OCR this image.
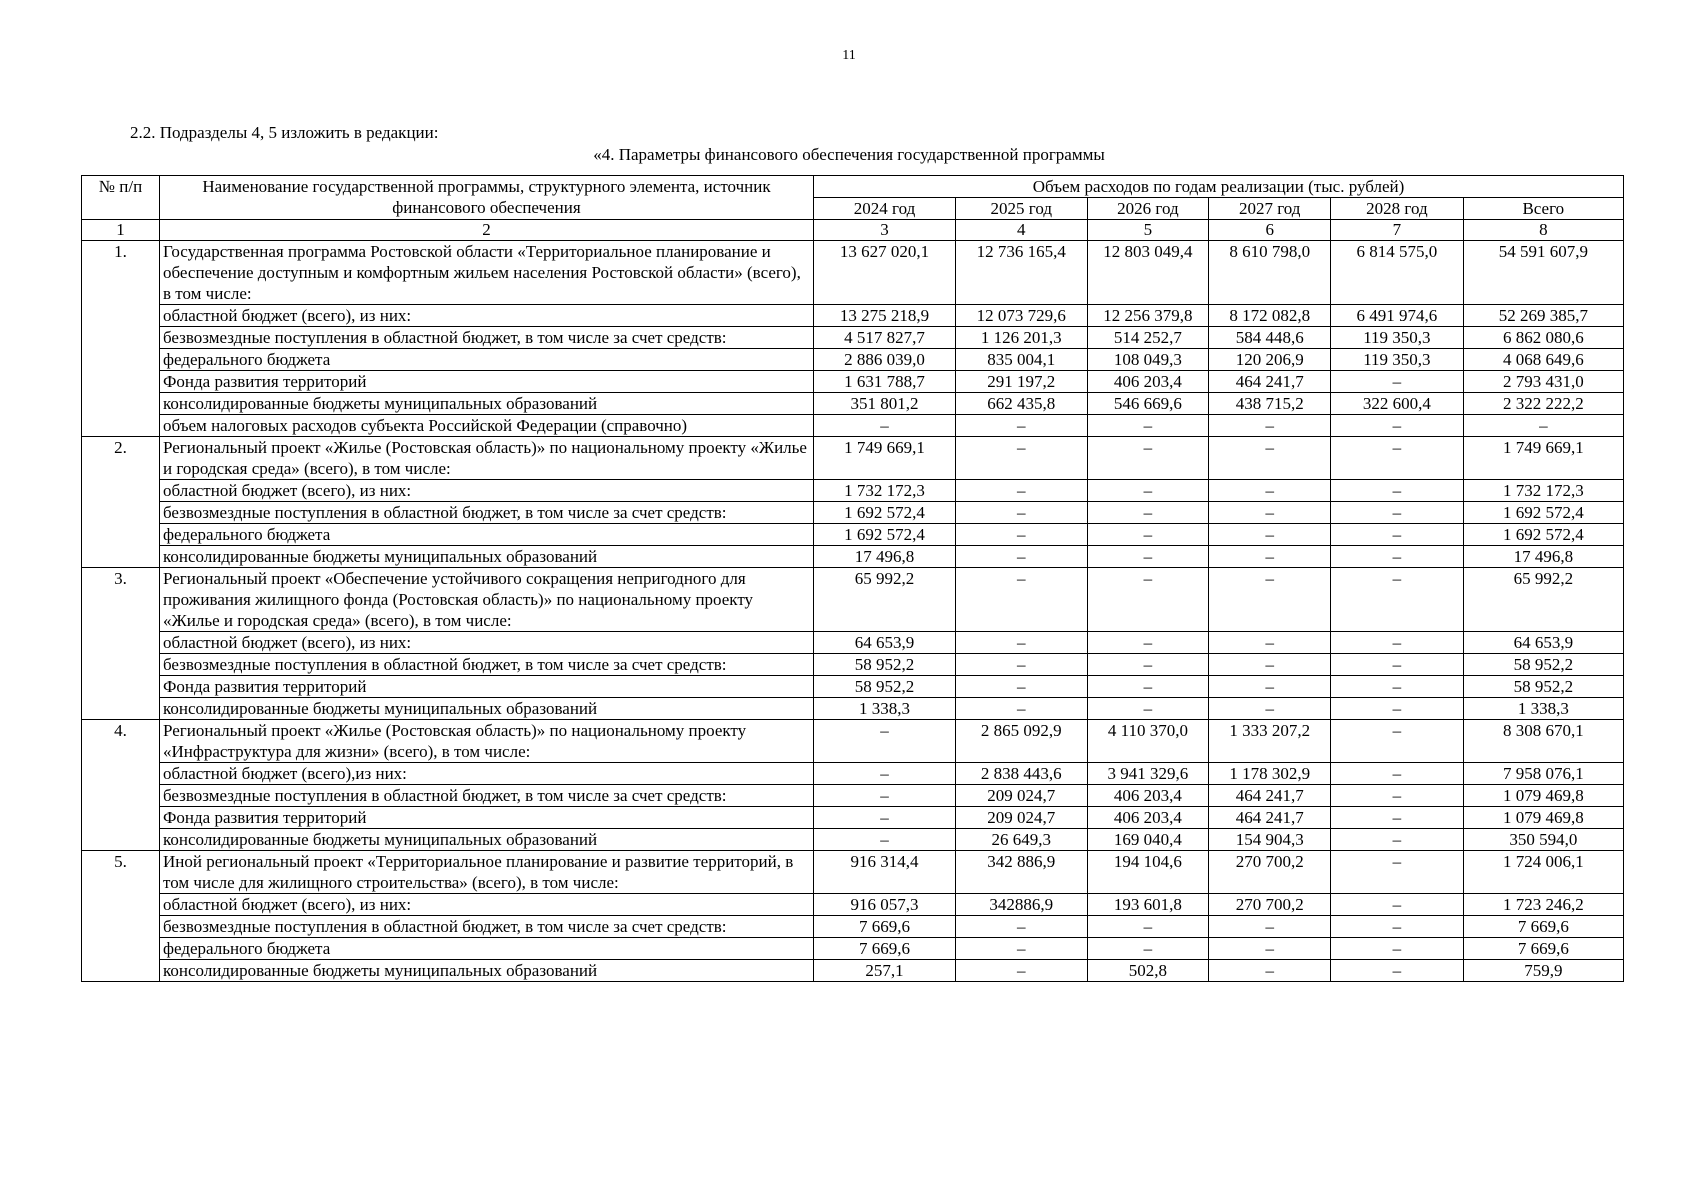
11
2.2. Подразделы 4, 5 изложить в редакции:
«4. Параметры финансового обеспечения государственной программы
№ п/п	Наименование государственной программы, структурного элемента, источник финансового обеспечения	Объем расходов по годам реализации (тыс. рублей)					
		2024 год	2025 год	2026 год	2027 год	2028 год	Всего
1	2	3	4	5	6	7	8
1.	Государственная программа Ростовской области «Территориальное планирование и обеспечение доступным и комфортным жильем населения Ростовской области» (всего), в том числе:	13 627 020,1	12 736 165,4	12 803 049,4	8 610 798,0	6 814 575,0	54 591 607,9
	областной бюджет (всего), из них:	13 275 218,9	12 073 729,6	12 256 379,8	8 172 082,8	6 491 974,6	52 269 385,7
	безвозмездные поступления в областной бюджет, в том числе за счет средств:	4 517 827,7	1 126 201,3	514 252,7	584 448,6	119 350,3	6 862 080,6
	федерального бюджета	2 886 039,0	835 004,1	108 049,3	120 206,9	119 350,3	4 068 649,6
	Фонда развития территорий	1 631 788,7	291 197,2	406 203,4	464 241,7	–	2 793 431,0
	консолидированные бюджеты муниципальных образований	351 801,2	662 435,8	546 669,6	438 715,2	322 600,4	2 322 222,2
	объем налоговых расходов субъекта Российской Федерации (справочно)	–	–	–	–	–	–
2.	Региональный проект «Жилье (Ростовская область)» по национальному проекту «Жилье и городская среда» (всего), в том числе:	1 749 669,1	–	–	–	–	1 749 669,1
	областной бюджет (всего), из них:	1 732 172,3	–	–	–	–	1 732 172,3
	безвозмездные поступления в областной бюджет, в том числе за счет средств:	1 692 572,4	–	–	–	–	1 692 572,4
	федерального бюджета	1 692 572,4	–	–	–	–	1 692 572,4
	консолидированные бюджеты муниципальных образований	17 496,8	–	–	–	–	17 496,8
3.	Региональный проект «Обеспечение устойчивого сокращения непригодного для проживания жилищного фонда (Ростовская область)» по национальному проекту «Жилье и городская среда» (всего), в том числе:	65 992,2	–	–	–	–	65 992,2
	областной бюджет (всего), из них:	64 653,9	–	–	–	–	64 653,9
	безвозмездные поступления в областной бюджет, в том числе за счет средств:	58 952,2	–	–	–	–	58 952,2
	Фонда развития территорий	58 952,2	–	–	–	–	58 952,2
	консолидированные бюджеты муниципальных образований	1 338,3	–	–	–	–	1 338,3
4.	Региональный проект «Жилье (Ростовская область)» по национальному проекту «Инфраструктура для жизни» (всего), в том числе:	–	2 865 092,9	4 110 370,0	1 333 207,2	–	8 308 670,1
	областной бюджет (всего),из них:	–	2 838 443,6	3 941 329,6	1 178 302,9	–	7 958 076,1
	безвозмездные поступления в областной бюджет, в том числе за счет средств:	–	209 024,7	406 203,4	464 241,7	–	1 079 469,8
	Фонда развития территорий	–	209 024,7	406 203,4	464 241,7	–	1 079 469,8
	консолидированные бюджеты муниципальных образований	–	26 649,3	169 040,4	154 904,3	–	350 594,0
5.	Иной региональный проект «Территориальное планирование и развитие территорий, в том числе для жилищного строительства» (всего), в том числе:	916 314,4	342 886,9	194 104,6	270 700,2	–	1 724 006,1
	областной бюджет (всего), из них:	916 057,3	342886,9	193 601,8	270 700,2	–	1 723 246,2
	безвозмездные поступления в областной бюджет, в том числе за счет средств:	7 669,6	–	–	–	–	7 669,6
	федерального бюджета	7 669,6	–	–	–	–	7 669,6
	консолидированные бюджеты муниципальных образований	257,1	–	502,8	–	–	759,9
